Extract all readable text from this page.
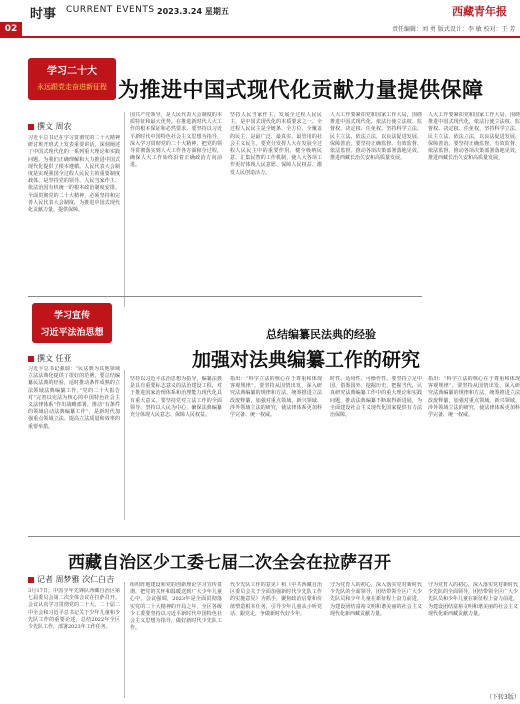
时事 CURRENT EVENTS
02
2023.3.24 星期五	西藏青年报
责任编辑：刘 勇 版式设计：李 敏 校对：王 芳
学习二十大
永远跟党走奋进新征程 为推进中国式现代化贡献力量提供保障
撰文 周农
习近平总书记在学习贯彻党的二十大精神研讨班开班式上发表重要讲话，深刻阐述了中国式现代化的一系列重大理论和实践问题，为我们正确理解和大力推进中国式现代化提供了根本遵循。人民代表大会制度是实现我国全过程人民民主的重要制度载体，是坚持党的领导、人民当家作主、依法治国有机统一的根本政治制度安排。全面贯彻党的二十大精神，必须坚持和完善人民代表大会制度，为推进中国式现代化贡献力量、提供保障。
国共产党领导，是人民代表大会制度的本质特征和最大优势。在推进新时代人大工作的根本保证和必然要求。要坚持以习近平新时代中国特色社会主义思想为指导，深入学习贯彻党的二十大精神，把党的领导贯彻落实到人大工作各方面和全过程，确保人大工作始终沿着正确政治方向前进。
坚持人民当家作主，发展全过程人民民主，是中国式现代化的本质要求之一。全过程人民民主是全链条、全方位、全覆盖的民主，是最广泛、最真实、最管用的社会主义民主。要充分发挥人大在发展全过程人民民主中的重要作用，健全吸纳民意、汇集民智的工作机制，使人大各项工作更好体现人民意愿、保障人民权益、激发人民创造活力。
人大工作要紧扣党和国家工作大局，围绕推进中国式现代化，依法行使立法权、监督权、决定权、任免权。坚持科学立法、民主立法、依法立法，以良法促进发展、保障善治。要坚持正确监督、有效监督、依法监督，推动各项决策部署落地见效，推进西藏长治久安和高质量发展。
人大工作要紧扣党和国家工作大局，围绕推进中国式现代化，依法行使立法权、监督权、决定权、任免权。坚持科学立法、民主立法、依法立法，以良法促进发展、保障善治。要坚持正确监督、有效监督、依法监督，推动各项决策部署落地见效，推进西藏长治久安和高质量发展。
学习宣传
习近平法治思想
撰文 任亚
总结编纂民法典的经验
加强对法典编纂工作的研究
习近平总书记强调：“民法典为其他领域立法法典化提供了很好的范例，要总结编纂民法典的经验，适时推动条件成熟的立法领域法典编纂工作。”党的二十大报告对“完善以宪法为核心的中国特色社会主义法律体系”作出战略部署。推动“有条件的领域启动法典编纂工作”，是新时代加强重点领域立法、提高立法质量和效率的重要举措。
坚持以习近平法治思想为指导，编纂法典是具有重要标志意义的法治建设工程，对于推进国家治理体系和治理能力现代化具有重大意义。要坚持党对立法工作的全面领导，坚持以人民为中心，确保法典编纂充分体现人民意志、保障人民权益。
指出：“科学立法的核心在于尊重和体现客观规律”。要坚持从国情出发，深入研究法典编纂的规律和方法，统筹推进立法改废释纂，加强对重点领域、新兴领域、涉外领域立法的研究，使法律体系更加科学完备、统一权威。
时性、适用性、可操作性。要坚持立足中国、借鉴国外，挖掘历史、把握当代，认真研究法典编纂工作中的重大理论和实践问题，推动法典编纂不断取得新进展，为全面建设社会主义现代化国家提供有力法治保障。
指出：“科学立法的核心在于尊重和体现客观规律”。要坚持从国情出发，深入研究法典编纂的规律和方法，统筹推进立法改废释纂，加强对重点领域、新兴领域、涉外领域立法的研究，使法律体系更加科学完备、统一权威。
西藏自治区少工委七届二次全会在拉萨召开
记者 周梦雅 次仁白吉
3月17日，中国少年先锋队西藏自治区第七届委员会第二次全体会议在拉萨召开。会议认真学习贯彻党的二十大、二十届二中全会和习近平总书记关于少年儿童和少先队工作的重要论述，总结2022年全区少先队工作，部署2023年工作任务。
组织阵地建设和党的创新理论学习宣传贯彻，把党的关怀和温暖送到广大少年儿童心中。会议强调，2023年是全面贯彻落实党的二十大精神的开局之年，全区各级少工委要坚持以习近平新时代中国特色社会主义思想为指导，做好新时代少先队工作。
代少先队工作的意见》和《中共西藏自治区委员会关于全面加强新时代少先队工作的实施意见》为抓手，聚焦政治启蒙和价值塑造根本任务，引导少年儿童从小听党话、跟党走，争做新时代好少年。
守为党育人的初心，深入落实党对新时代少先队的全面领导，团结带领全区广大少先队员和少年儿童在新征程上奋力前进，为建设团结富裕文明和谐美丽的社会主义现代化新西藏贡献力量。
守为党育人的初心，深入落实党对新时代少先队的全面领导，团结带领全区广大少先队员和少年儿童在新征程上奋力前进，为建设团结富裕文明和谐美丽的社会主义现代化新西藏贡献力量。
（下转3版）
